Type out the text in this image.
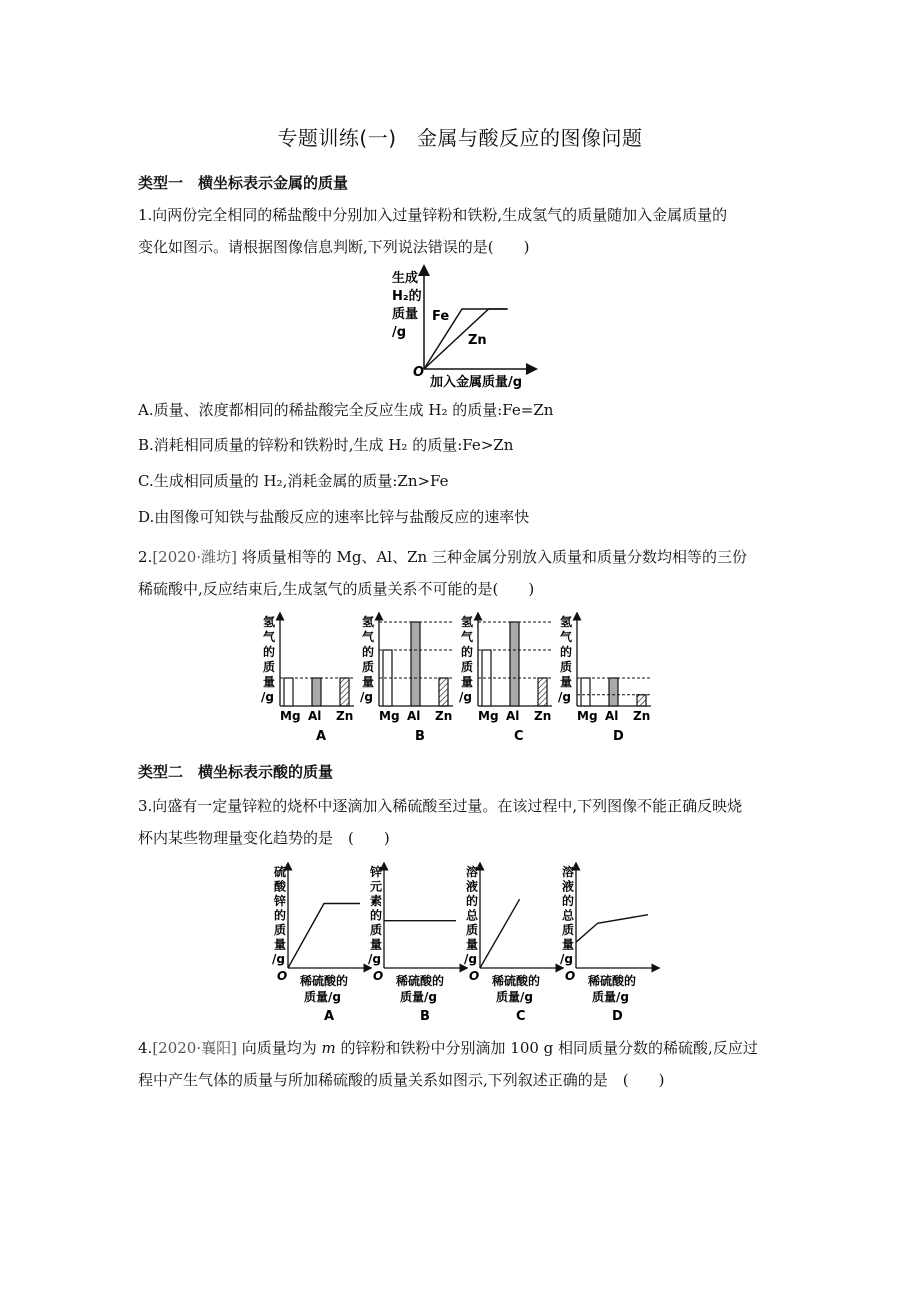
专题训练(一)　金属与酸反应的图像问题
类型一　横坐标表示金属的质量
1.向两份完全相同的稀盐酸中分别加入过量锌粉和铁粉,生成氢气的质量随加入金属质量的
变化如图示。请根据图像信息判断,下列说法错误的是(　　)
生成
H₂的
质量
/g
O
加入金属质量/g
Fe
Zn
A.质量、浓度都相同的稀盐酸完全反应生成 H₂ 的质量:Fe=Zn
B.消耗相同质量的锌粉和铁粉时,生成 H₂ 的质量:Fe>Zn
C.生成相同质量的 H₂,消耗金属的质量:Zn>Fe
D.由图像可知铁与盐酸反应的速率比锌与盐酸反应的速率快
2.[2020·潍坊] 将质量相等的 Mg、Al、Zn 三种金属分别放入质量和质量分数均相等的三份
稀硫酸中,反应结束后,生成氢气的质量关系不可能的是(　　)
氢
气
的
质
量
/g
Mg Al Zn
A
氢
气
的
质
量
/g
Mg Al Zn
B
氢
气
的
质
量
/g
Mg Al Zn
C
氢
气
的
质
量
/g
Mg Al Zn
D
类型二　横坐标表示酸的质量
3.向盛有一定量锌粒的烧杯中逐滴加入稀硫酸至过量。在该过程中,下列图像不能正确反映烧
杯内某些物理量变化趋势的是　(　　)
硫
酸
锌
的
质
量
/g
O 稀硫酸的
质量/g
A
锌
元
素
的
质
量
/g
O 稀硫酸的
质量/g
B
溶
液
的
总
质
量
/g
O 稀硫酸的
质量/g
C
溶
液
的
总
质
量
/g
O 稀硫酸的
质量/g
D
4.[2020·襄阳] 向质量均为 m 的锌粉和铁粉中分别滴加 100 g 相同质量分数的稀硫酸,反应过
程中产生气体的质量与所加稀硫酸的质量关系如图示,下列叙述正确的是　(　　)
